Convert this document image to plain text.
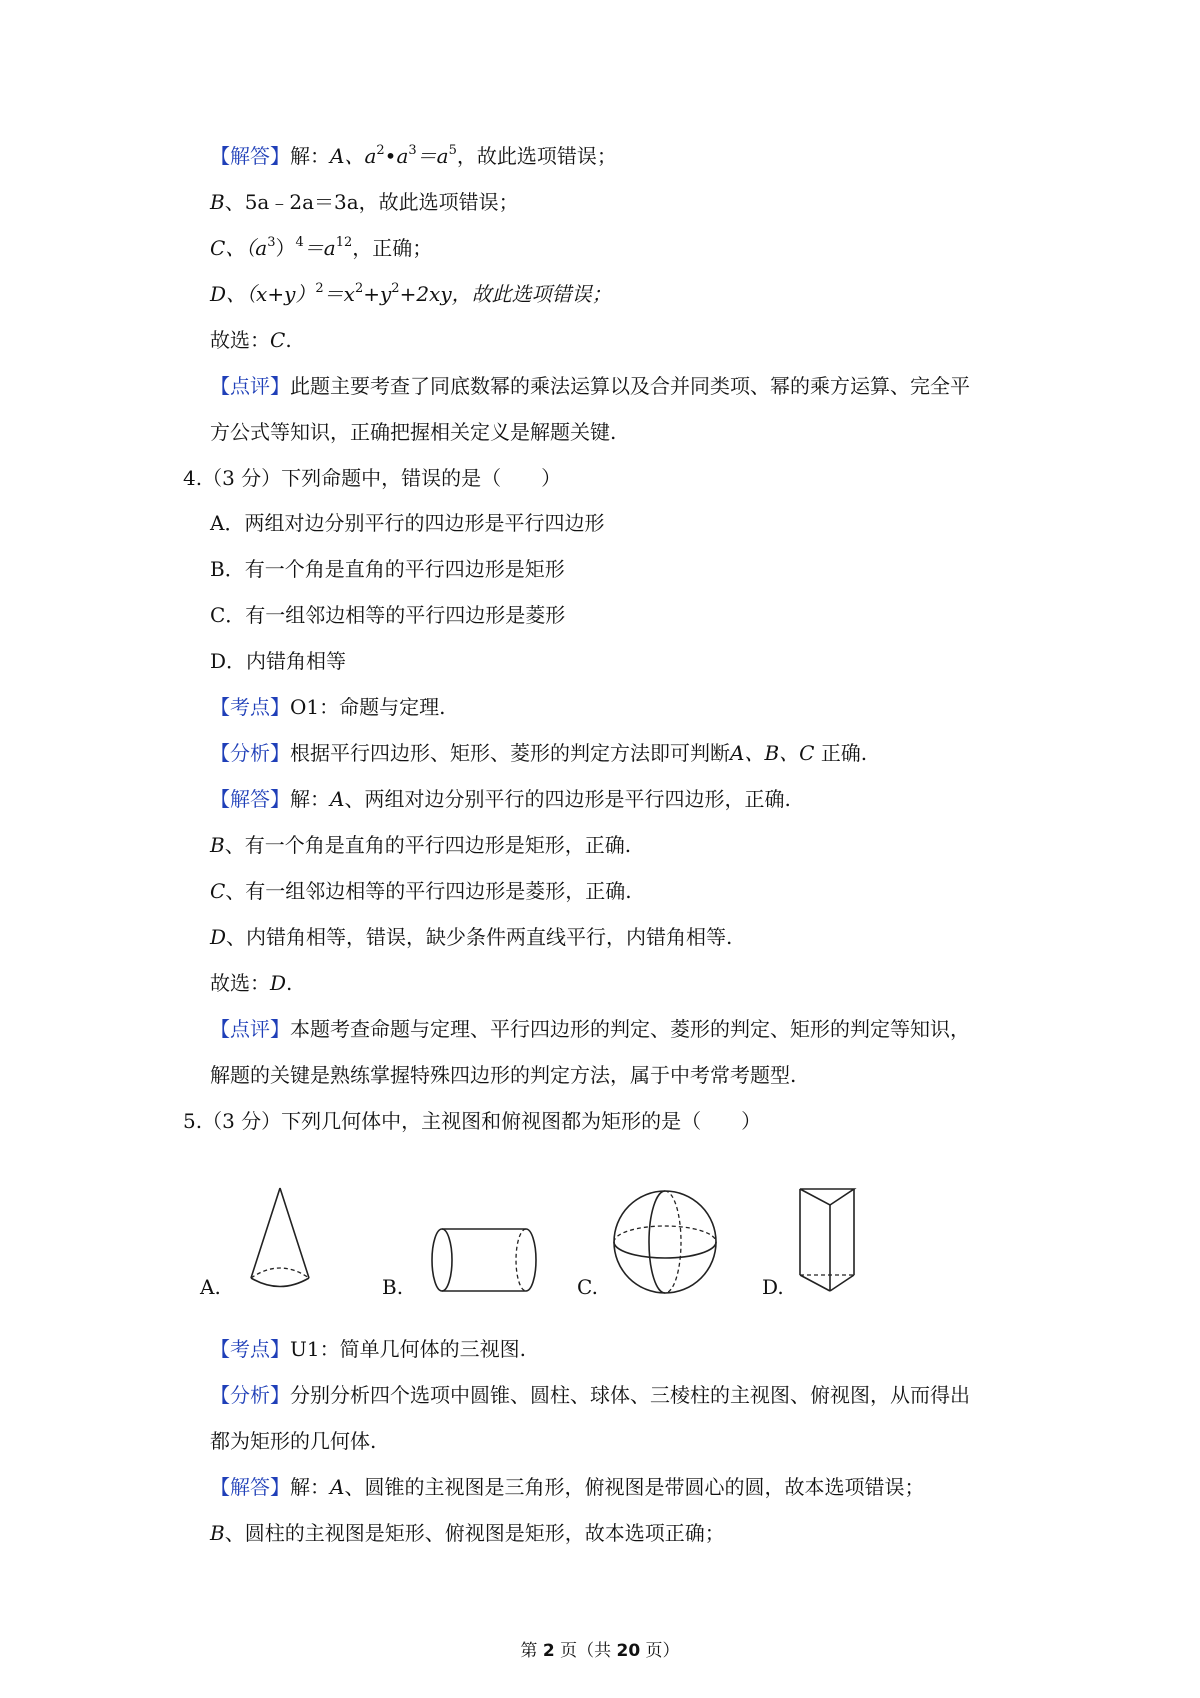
【解答】解：A、$a^2•a^3=a^5$，故此选项错误；
B、5a﹣2a＝3a，故此选项错误；
C、$(a^3)^4=a^{12}$，正确；
D、$(x+y)^2=x^2+y^2+2xy$，故此选项错误；
故选：C.
【点评】此题主要考查了同底数幂的乘法运算以及合并同类项、幂的乘方运算、完全平
方公式等知识，正确把握相关定义是解题关键.
4.（3 分）下列命题中，错误的是（　　）
A．两组对边分别平行的四边形是平行四边形
B．有一个角是直角的平行四边形是矩形
C．有一组邻边相等的平行四边形是菱形
D．内错角相等
【考点】O1：命题与定理.
【分析】根据平行四边形、矩形、菱形的判定方法即可判断A、B、C 正确.
【解答】解：A、两组对边分别平行的四边形是平行四边形，正确.
B、有一个角是直角的平行四边形是矩形，正确.
C、有一组邻边相等的平行四边形是菱形，正确.
D、内错角相等，错误，缺少条件两直线平行，内错角相等.
故选：D.
【点评】本题考查命题与定理、平行四边形的判定、菱形的判定、矩形的判定等知识，
解题的关键是熟练掌握特殊四边形的判定方法，属于中考常考题型.
5.（3 分）下列几何体中，主视图和俯视图都为矩形的是（　　）
A.	B.	C.	D.
【考点】U1：简单几何体的三视图.
【分析】分别分析四个选项中圆锥、圆柱、球体、三棱柱的主视图、俯视图，从而得出
都为矩形的几何体.
【解答】解：A、圆锥的主视图是三角形，俯视图是带圆心的圆，故本选项错误；
B、圆柱的主视图是矩形、俯视图是矩形，故本选项正确；
第 2 页（共 20 页）
